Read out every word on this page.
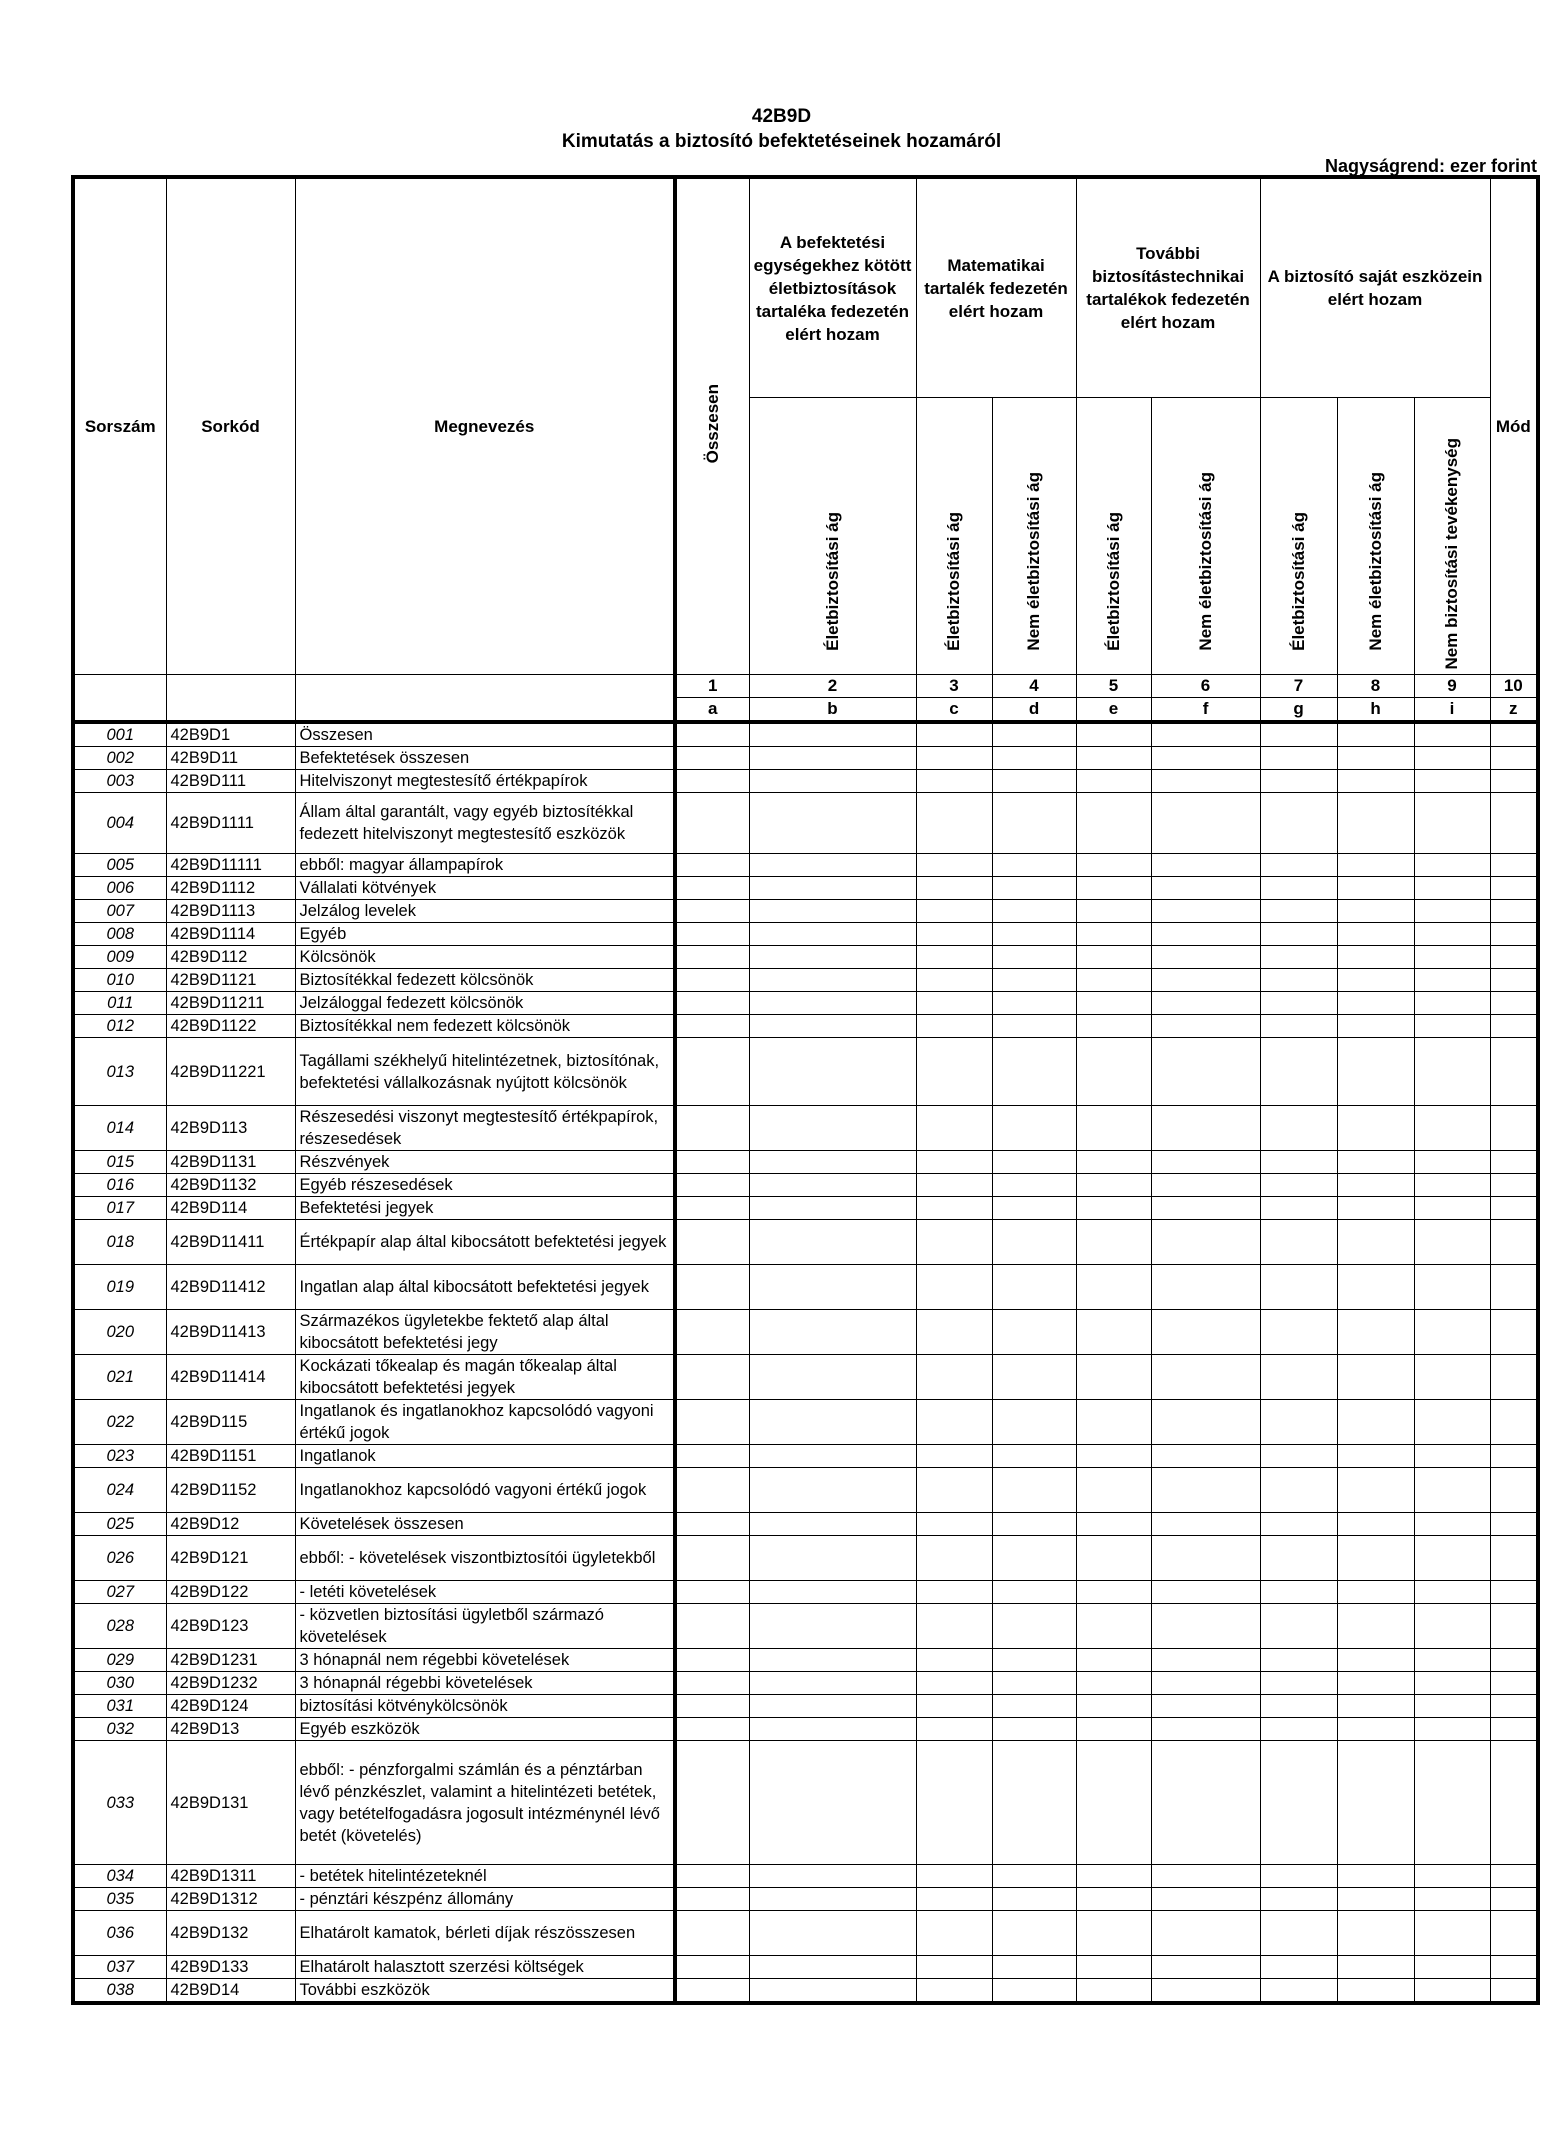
42B9D
Kimutatás a biztosító befektetéseinek hozamáról
Nagyságrend: ezer forint
Sorszám	Sorkód	Megnevezés	Összesen	A befektetési egységekhez kötött életbiztosítások tartaléka fedezetén elért hozam	Matematikai tartalék fedezetén elért hozam		További biztosítástechnikai tartalékok fedezetén elért hozam		A biztosító saját eszközein elért hozam			Mód
				Életbiztosítási ág	Életbiztosítási ág	Nem életbiztosítási ág	Életbiztosítási ág	Nem életbiztosítási ág	Életbiztosítási ág	Nem életbiztosítási ág	Nem biztosítási tevékenység	
			1	2	3	4	5	6	7	8	9	10
			a	b	c	d	e	f	g	h	i	z
001	42B9D1	Összesen										
002	42B9D11	Befektetések összesen										
003	42B9D111	Hitelviszonyt megtestesítő értékpapírok										
004	42B9D1111	Állam által garantált, vagy egyéb biztosítékkal fedezett hitelviszonyt megtestesítő eszközök										
005	42B9D11111	ebből: magyar állampapírok										
006	42B9D1112	Vállalati kötvények										
007	42B9D1113	Jelzálog levelek										
008	42B9D1114	Egyéb										
009	42B9D112	Kölcsönök										
010	42B9D1121	Biztosítékkal fedezett kölcsönök										
011	42B9D11211	Jelzáloggal fedezett kölcsönök										
012	42B9D1122	Biztosítékkal nem fedezett kölcsönök										
013	42B9D11221	Tagállami székhelyű hitelintézetnek, biztosítónak, befektetési vállalkozásnak nyújtott kölcsönök										
014	42B9D113	Részesedési viszonyt megtestesítő értékpapírok, részesedések										
015	42B9D1131	Részvények										
016	42B9D1132	Egyéb részesedések										
017	42B9D114	Befektetési jegyek										
018	42B9D11411	Értékpapír alap által kibocsátott befektetési jegyek										
019	42B9D11412	Ingatlan alap által kibocsátott befektetési jegyek										
020	42B9D11413	Származékos ügyletekbe fektető alap által kibocsátott befektetési jegy										
021	42B9D11414	Kockázati tőkealap és magán tőkealap által kibocsátott befektetési jegyek										
022	42B9D115	Ingatlanok és ingatlanokhoz kapcsolódó vagyoni értékű jogok										
023	42B9D1151	Ingatlanok										
024	42B9D1152	Ingatlanokhoz kapcsolódó vagyoni értékű jogok										
025	42B9D12	Követelések összesen										
026	42B9D121	ebből: - követelések viszontbiztosítói ügyletekből										
027	42B9D122	- letéti követelések										
028	42B9D123	- közvetlen biztosítási ügyletből származó követelések										
029	42B9D1231	3 hónapnál nem régebbi követelések										
030	42B9D1232	3 hónapnál régebbi követelések										
031	42B9D124	biztosítási kötvénykölcsönök										
032	42B9D13	Egyéb eszközök										
033	42B9D131	ebből: - pénzforgalmi számlán és a pénztárban lévő pénzkészlet, valamint a hitelintézeti betétek, vagy betételfogadásra jogosult intézménynél lévő betét (követelés)										
034	42B9D1311	- betétek hitelintézeteknél										
035	42B9D1312	- pénztári készpénz állomány										
036	42B9D132	Elhatárolt kamatok, bérleti díjak részösszesen										
037	42B9D133	Elhatárolt halasztott szerzési költségek										
038	42B9D14	További eszközök										
